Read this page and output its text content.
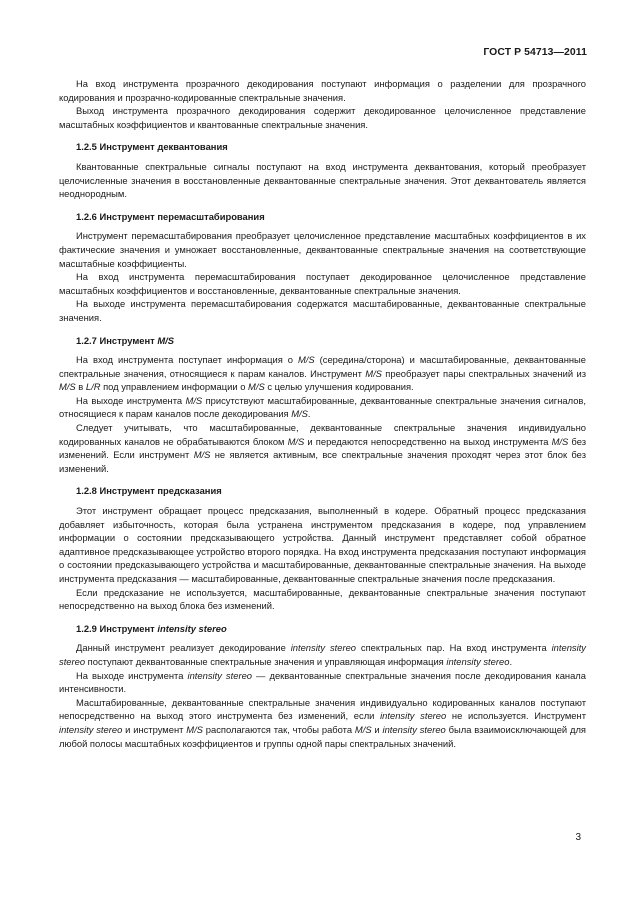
ГОСТ Р 54713—2011

На вход инструмента прозрачного декодирования поступают информация о разделении для прозрачного кодирования и прозрачно-кодированные спектральные значения.

Выход инструмента прозрачного декодирования содержит декодированное целочисленное представление масштабных коэффициентов и квантованные спектральные значения.

1.2.5 Инструмент деквантования

Квантованные спектральные сигналы поступают на вход инструмента деквантования, который преобразует целочисленные значения в восстановленные деквантованные спектральные значения. Этот деквантователь является неоднородным.

1.2.6 Инструмент перемасштабирования

Инструмент перемасштабирования преобразует целочисленное представление масштабных коэффициентов в их фактические значения и умножает восстановленные, деквантованные спектральные значения на соответствующие масштабные коэффициенты.

На вход инструмента перемасштабирования поступает декодированное целочисленное представление масштабных коэффициентов и восстановленные, деквантованные спектральные значения.

На выходе инструмента перемасштабирования содержатся масштабированные, деквантованные спектральные значения.

1.2.7 Инструмент M/S

На вход инструмента поступает информация о M/S (середина/сторона) и масштабированные, деквантованные спектральные значения, относящиеся к парам каналов. Инструмент M/S преобразует пары спектральных значений из M/S в L/R под управлением информации о M/S с целью улучшения кодирования.

На выходе инструмента M/S присутствуют масштабированные, деквантованные спектральные значения сигналов, относящиеся к парам каналов после декодирования M/S.

Следует учитывать, что масштабированные, деквантованные спектральные значения индивидуально кодированных каналов не обрабатываются блоком M/S и передаются непосредственно на выход инструмента M/S без изменений. Если инструмент M/S не является активным, все спектральные значения проходят через этот блок без изменений.

1.2.8 Инструмент предсказания

Этот инструмент обращает процесс предсказания, выполненный в кодере. Обратный процесс предсказания добавляет избыточность, которая была устранена инструментом предсказания в кодере, под управлением информации о состоянии предсказывающего устройства. Данный инструмент представляет собой обратное адаптивное предсказывающее устройство второго порядка. На вход инструмента предсказания поступают информация о состоянии предсказывающего устройства и масштабированные, деквантованные спектральные значения. На выходе инструмента предсказания — масштабированные, деквантованные спектральные значения после предсказания.

Если предсказание не используется, масштабированные, деквантованные спектральные значения поступают непосредственно на выход блока без изменений.

1.2.9 Инструмент intensity stereo

Данный инструмент реализует декодирование intensity stereo спектральных пар. На вход инструмента intensity stereo поступают деквантованные спектральные значения и управляющая информация intensity stereo.

На выходе инструмента intensity stereo — деквантованные спектральные значения после декодирования канала интенсивности.

Масштабированные, деквантованные спектральные значения индивидуально кодированных каналов поступают непосредственно на выход этого инструмента без изменений, если intensity stereo не используется. Инструмент intensity stereo и инструмент M/S располагаются так, чтобы работа M/S и intensity stereo была взаимоисключающей для любой полосы масштабных коэффициентов и группы одной пары спектральных значений.

3
